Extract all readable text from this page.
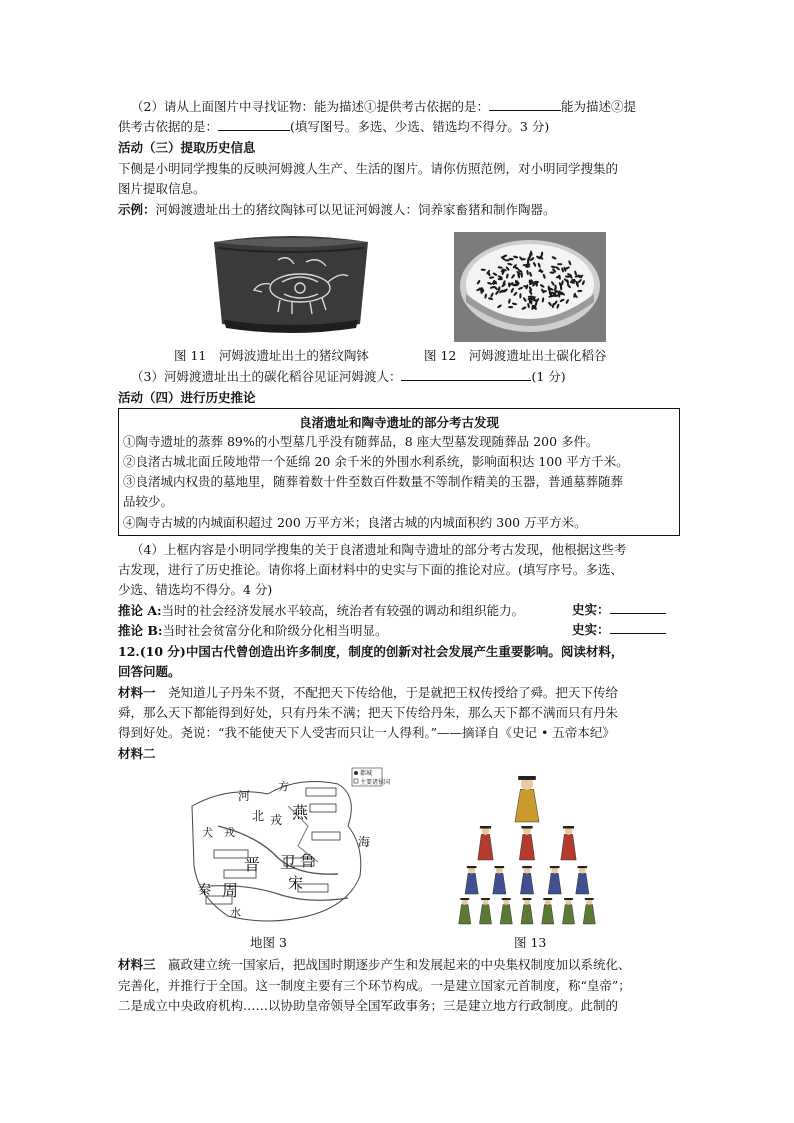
（2）请从上面图片中寻找证物：能为描述①提供考古依据的是：	能为描述②提
供考古依据的是：	(填写图号。多选、少选、错选均不得分。3 分)
活动（三）提取历史信息
下侧是小明同学搜集的反映河姆渡人生产、生活的图片。请你仿照范例，对小明同学搜集的
图片提取信息。
示例：河姆渡遗址出土的猪纹陶钵可以见证河姆渡人：饲养家畜猪和制作陶器。
图 11　河姆波遗址出土的猪纹陶钵	图 12　河姆渡遗址出土碳化稻谷
（3）河姆渡遗址出土的碳化稻谷见证河姆渡人：	(1 分)
活动（四）进行历史推论
良渚遗址和陶寺遗址的部分考古发现
①陶寺遗址的蒸葬 89%的小型墓几乎没有随葬品，8 座大型墓发现随葬品 200 多件。
②良渚古城北面丘陵地带一个延绵 20 余千米的外围水利系统，影响面积达 100 平方千米。
③良渚城内权贵的墓地里，随葬着数十件至数百件数量不等制作精美的玉器，普通墓葬随葬
品较少。
④陶寺古城的内城面积超过 200 万平方米；良渚古城的内城面积约 300 万平方米。
（4）上框内容是小明同学搜集的关于良渚遗址和陶寺遗址的部分考古发现，他根据这些考
古发现，进行了历史推论。请你将上面材料中的史实与下面的推论对应。(填写序号。多选、
少选、错选均不得分。4 分)
推论 A:当时的社会经济发展水平较高，统治者有较强的调动和组织能力。	史实：
推论 B:当时社会贫富分化和阶级分化相当明显。	史实：
12.(10 分)中国古代曾创造出许多制度，制度的创新对社会发展产生重要影响。阅读材料，
回答问题。
材料一　尧知道儿子丹朱不贤，不配把天下传给他，于是就把王权传授给了舜。把天下传给
舜，那么天下都能得到好处，只有丹朱不满；把天下传给丹朱，那么天下都不满而只有丹朱
得到好处。尧说：“我不能使天下人受害而只让一人得利。”——摘译自《史记 • 五帝本纪》
材料二
燕
河
北 戎
犬　戎
晋 卫 鲁
宋
秦 周
海
水
方
都城
主要诸侯国
地图 3	图 13
材料三　嬴政建立统一国家后，把战国时期逐步产生和发展起来的中央集权制度加以系统化、
完善化，并推行于全国。这一制度主要有三个环节构成。一是建立国家元首制度，称“皇帝”；
二是成立中央政府机构……以协助皇帝领导全国军政事务；三是建立地方行政制度。此制的
